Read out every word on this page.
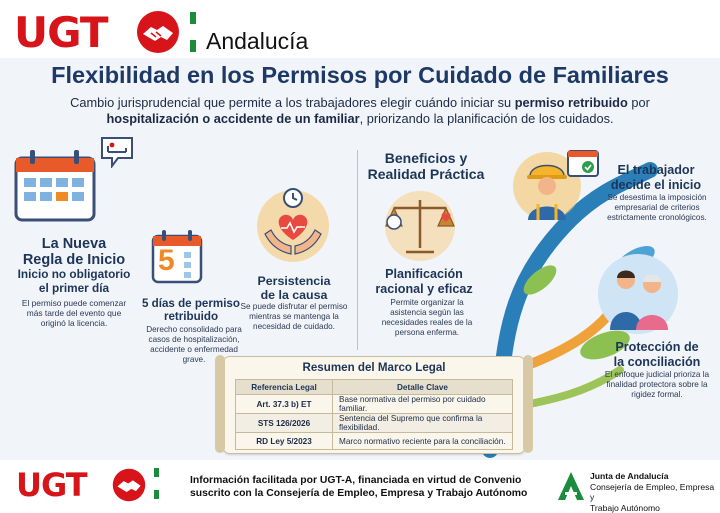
UGT	Andalucía
Flexibilidad en los Permisos por Cuidado de Familiares
Cambio jurisprudencial que permite a los trabajadores elegir cuándo iniciar su permiso retribuido por
hospitalización o accidente de un familiar, priorizando la planificación de los cuidados.
La Nueva
Regla de Inicio
Inicio no obligatorio
el primer día
El permiso puede comenzar más tarde del evento que originó la licencia.
5
5 días de permiso retribuido
Derecho consolidado para casos de hospitalización, accidente o enfermedad grave.
Persistencia
de la causa
Se puede disfrutar el permiso mientras se mantenga la necesidad de cuidado.
Beneficios y
Realidad Práctica
Planificación
racional y eficaz
Permite organizar la asistencia según las necesidades reales de la persona enferma.
El trabajador
decide el inicio
Se desestima la imposición empresarial de criterios estrictamente cronológicos.
Protección de
la conciliación
El enfoque judicial prioriza la finalidad protectora sobre la rigidez formal.
Resumen del Marco Legal
Referencia Legal	Detalle Clave
Art. 37.3 b) ET	Base normativa del permiso por cuidado familiar.
STS 126/2026	Sentencia del Supremo que confirma la flexibilidad.
RD Ley 5/2023	Marco normativo reciente para la conciliación.
UGT	Información facilitada por UGT-A, financiada en virtud de Convenio
suscrito con la Consejería de Empleo, Empresa y Trabajo Autónomo
Junta de Andalucía
Consejería de Empleo, Empresa y
Trabajo Autónomo
